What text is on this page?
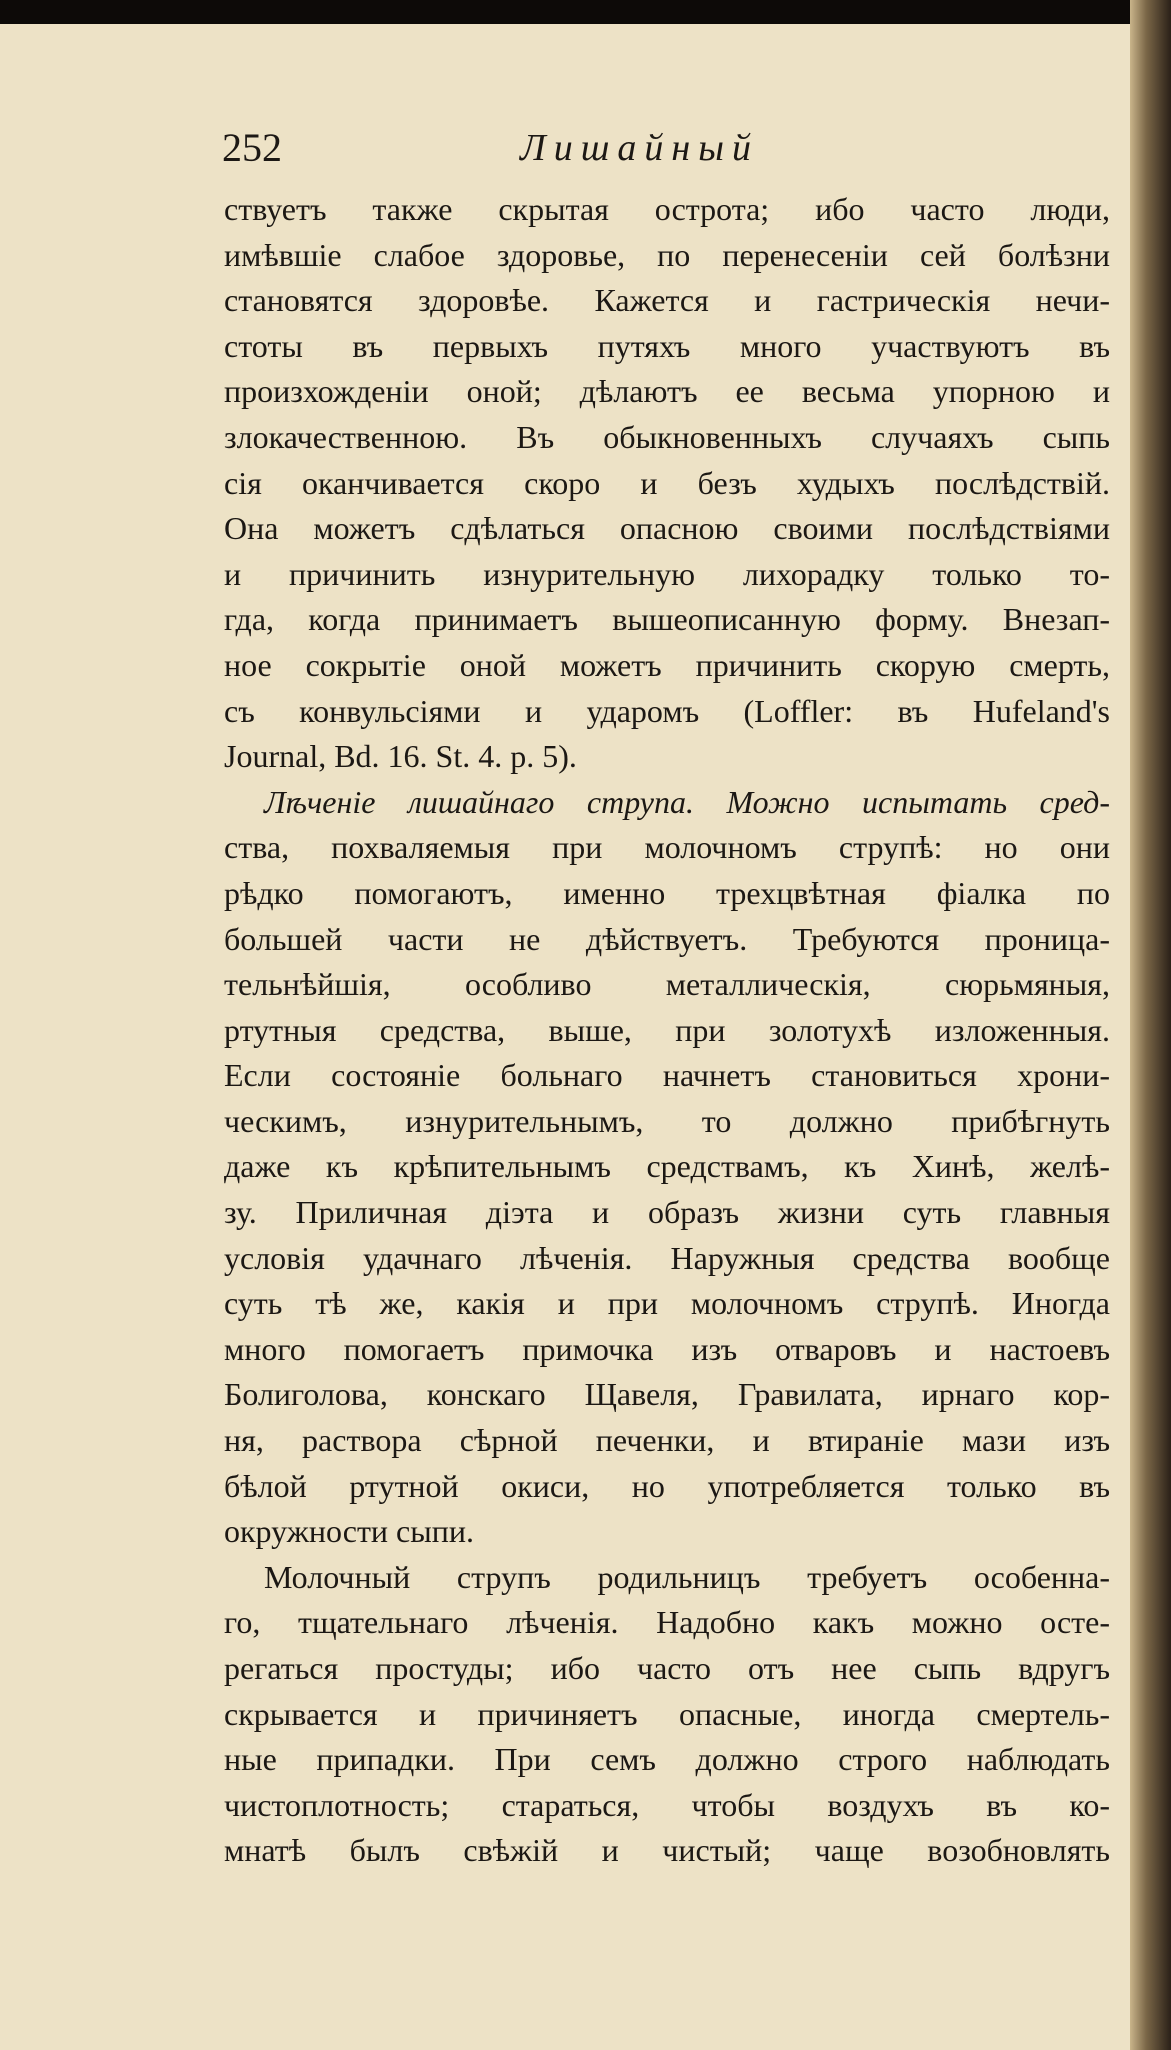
252	Лишайный
ствуетъ также скрытая острота; ибо часто люди,
имѣвшіе слабое здоровье, по перенесеніи сей болѣзни
становятся здоровѣе. Кажется и гастрическія нечи-
стоты въ первыхъ путяхъ много участвуютъ въ
произхожденіи оной; дѣлаютъ ее весьма упорною и
злокачественною. Въ обыкновенныхъ случаяхъ сыпь
сія оканчивается скоро и безъ худыхъ послѣдствій.
Она можетъ сдѣлаться опасною своими послѣдствіями
и причинить изнурительную лихорадку только то-
гда, когда принимаетъ вышеописанную форму. Внезап-
ное сокрытіе оной можетъ причинить скорую смерть,
съ конвульсіями и ударомъ (Loffler: въ Hufeland's
Journal, Bd. 16. St. 4. p. 5).
Лѣченіе лишайнаго струпа. Можно испытать сред-
ства, похваляемыя при молочномъ струпѣ: но они
рѣдко помогаютъ, именно трехцвѣтная фіалка по
большей части не дѣйствуетъ. Требуются проница-
тельнѣйшія, особливо металлическія, сюрьмяныя,
ртутныя средства, выше, при золотухѣ изложенныя.
Если состояніе больнаго начнетъ становиться хрони-
ческимъ, изнурительнымъ, то должно прибѣгнуть
даже къ крѣпительнымъ средствамъ, къ Хинѣ, желѣ-
зу. Приличная діэта и образъ жизни суть главныя
условія удачнаго лѣченія. Наружныя средства вообще
суть тѣ же, какія и при молочномъ струпѣ. Иногда
много помогаетъ примочка изъ отваровъ и настоевъ
Болиголова, конскаго Щавеля, Гравилата, ирнаго кор-
ня, раствора сѣрной печенки, и втираніе мази изъ
бѣлой ртутной окиси, но употребляется только въ
окружности сыпи.
Молочный струпъ родильницъ требуетъ особенна-
го, тщательнаго лѣченія. Надобно какъ можно осте-
регаться простуды; ибо часто отъ нее сыпь вдругъ
скрывается и причиняетъ опасные, иногда смертель-
ные припадки. При семъ должно строго наблюдать
чистоплотность; стараться, чтобы воздухъ въ ко-
мнатѣ былъ свѣжій и чистый; чаще возобновлять
